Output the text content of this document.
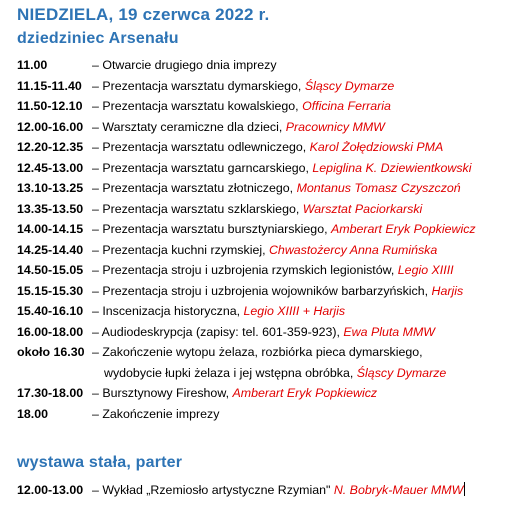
NIEDZIELA, 19 czerwca 2022 r.
dziedziniec Arsenału
11.00	– Otwarcie drugiego dnia imprezy
11.15-11.40 – Prezentacja warsztatu dymarskiego, Śląscy Dymarze
11.50-12.10 – Prezentacja warsztatu kowalskiego, Officina Ferraria
12.00-16.00 – Warsztaty ceramiczne dla dzieci, Pracownicy MMW
12.20-12.35 – Prezentacja warsztatu odlewniczego, Karol Żołędziowski PMA
12.45-13.00 – Prezentacja warsztatu garncarskiego, Lepiglina K. Dziewientkowski
13.10-13.25 – Prezentacja warsztatu złotniczego, Montanus Tomasz Czyszczoń
13.35-13.50 – Prezentacja warsztatu szklarskiego, Warsztat Paciorkarski
14.00-14.15 – Prezentacja warsztatu bursztyniarskiego, Amberart Eryk Popkiewicz
14.25-14.40 – Prezentacja kuchni rzymskiej, Chwastożercy Anna Rumińska
14.50-15.05 – Prezentacja stroju i uzbrojenia rzymskich legionistów, Legio XIIII
15.15-15.30 – Prezentacja stroju i uzbrojenia wojowników barbarzyńskich, Harjis
15.40-16.10 – Inscenizacja historyczna, Legio XIIII + Harjis
16.00-18.00 – Audiodeskrypcja (zapisy: tel. 601-359-923), Ewa Pluta MMW
około 16.30 – Zakończenie wytopu żelaza, rozbiórka pieca dymarskiego,
wydobycie łupki żelaza i jej wstępna obróbka, Śląscy Dymarze
17.30-18.00 – Bursztynowy Fireshow, Amberart Eryk Popkiewicz
18.00	– Zakończenie imprezy
wystawa stała, parter
12.00-13.00 – Wykład „Rzemiosło artystyczne Rzymian" N. Bobryk-Mauer MMW
